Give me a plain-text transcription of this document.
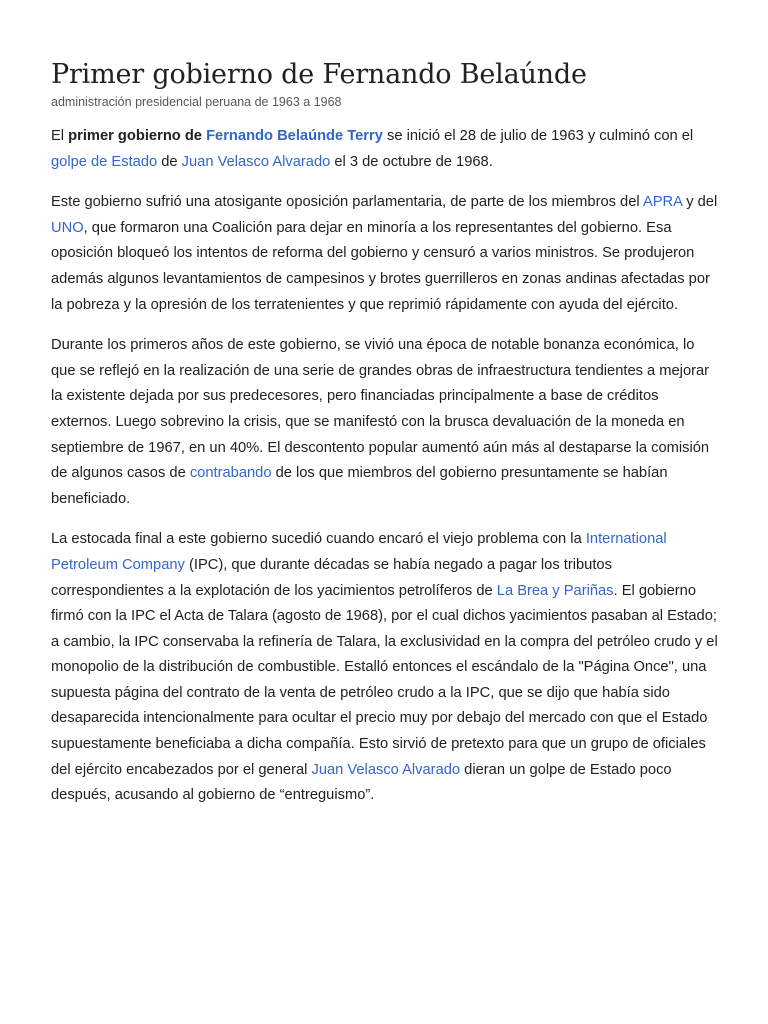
Primer gobierno de Fernando Belaúnde
administración presidencial peruana de 1963 a 1968

El primer gobierno de Fernando Belaúnde Terry se inició el 28 de julio de 1963 y culminó con el golpe de Estado de Juan Velasco Alvarado el 3 de octubre de 1968.

Este gobierno sufrió una atosigante oposición parlamentaria, de parte de los miembros del APRA y del UNO, que formaron una Coalición para dejar en minoría a los representantes del gobierno. Esa oposición bloqueó los intentos de reforma del gobierno y censuró a varios ministros. Se produjeron además algunos levantamientos de campesinos y brotes guerrilleros en zonas andinas afectadas por la pobreza y la opresión de los terratenientes y que reprimió rápidamente con ayuda del ejército.

Durante los primeros años de este gobierno, se vivió una época de notable bonanza económica, lo que se reflejó en la realización de una serie de grandes obras de infraestructura tendientes a mejorar la existente dejada por sus predecesores, pero financiadas principalmente a base de créditos externos. Luego sobrevino la crisis, que se manifestó con la brusca devaluación de la moneda en septiembre de 1967, en un 40%. El descontento popular aumentó aún más al destaparse la comisión de algunos casos de contrabando de los que miembros del gobierno presuntamente se habían beneficiado.

La estocada final a este gobierno sucedió cuando encaró el viejo problema con la International Petroleum Company (IPC), que durante décadas se había negado a pagar los tributos correspondientes a la explotación de los yacimientos petrolíferos de La Brea y Pariñas. El gobierno firmó con la IPC el Acta de Talara (agosto de 1968), por el cual dichos yacimientos pasaban al Estado; a cambio, la IPC conservaba la refinería de Talara, la exclusividad en la compra del petróleo crudo y el monopolio de la distribución de combustible. Estalló entonces el escándalo de la "Página Once", una supuesta página del contrato de la venta de petróleo crudo a la IPC, que se dijo que había sido desaparecida intencionalmente para ocultar el precio muy por debajo del mercado con que el Estado supuestamente beneficiaba a dicha compañía. Esto sirvió de pretexto para que un grupo de oficiales del ejército encabezados por el general Juan Velasco Alvarado dieran un golpe de Estado poco después, acusando al gobierno de “entreguismo”.
